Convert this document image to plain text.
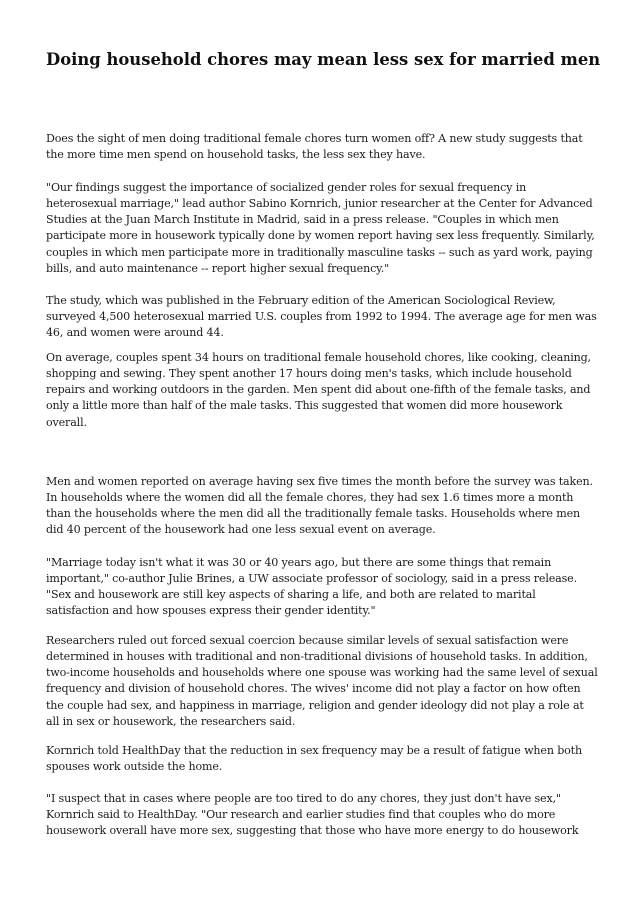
Doing household chores may mean less sex for married men

Does the sight of men doing traditional female chores turn women off? A new study suggests that the more time men spend on household tasks, the less sex they have.

"Our findings suggest the importance of socialized gender roles for sexual frequency in heterosexual marriage," lead author Sabino Kornrich, junior researcher at the Center for Advanced Studies at the Juan March Institute in Madrid, said in a press release. "Couples in which men participate more in housework typically done by women report having sex less frequently. Similarly, couples in which men participate more in traditionally masculine tasks -- such as yard work, paying bills, and auto maintenance -- report higher sexual frequency."

The study, which was published in the February edition of the American Sociological Review, surveyed 4,500 heterosexual married U.S. couples from 1992 to 1994. The average age for men was 46, and women were around 44.

On average, couples spent 34 hours on traditional female household chores, like cooking, cleaning, shopping and sewing. They spent another 17 hours doing men's tasks, which include household repairs and working outdoors in the garden. Men spent did about one-fifth of the female tasks, and only a little more than half of the male tasks. This suggested that women did more housework overall.

Men and women reported on average having sex five times the month before the survey was taken. In households where the women did all the female chores, they had sex 1.6 times more a month than the households where the men did all the traditionally female tasks. Households where men did 40 percent of the housework had one less sexual event on average.

"Marriage today isn't what it was 30 or 40 years ago, but there are some things that remain important," co-author Julie Brines, a UW associate professor of sociology, said in a press release. "Sex and housework are still key aspects of sharing a life, and both are related to marital satisfaction and how spouses express their gender identity."

Researchers ruled out forced sexual coercion because similar levels of sexual satisfaction were determined in houses with traditional and non-traditional divisions of household tasks. In addition, two-income households and households where one spouse was working had the same level of sexual frequency and division of household chores. The wives' income did not play a factor on how often the couple had sex, and happiness in marriage, religion and gender ideology did not play a role at all in sex or housework, the researchers said.

Kornrich told HealthDay that the reduction in sex frequency may be a result of fatigue when both spouses work outside the home.

"I suspect that in cases where people are too tired to do any chores, they just don't have sex," Kornrich said to HealthDay. "Our research and earlier studies find that couples who do more housework overall have more sex, suggesting that those who have more energy to do housework
